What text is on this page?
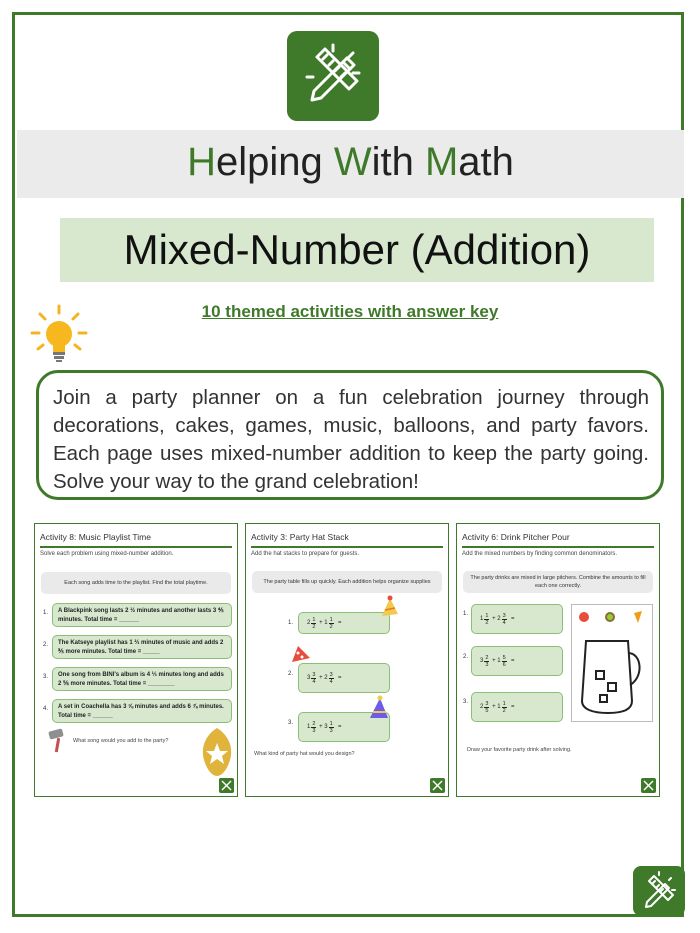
Helping With Math
Mixed-Number (Addition)
10 themed activities with answer key
Join a party planner on a fun celebration journey through decorations, cakes, games, music, balloons, and party favors. Each page uses mixed-number addition to keep the party going. Solve your way to the grand celebration!
Activity 8: Music Playlist Time
Solve each problem using mixed-number addition.
Each song adds time to the playlist. Find the total playtime.
1.	A Blackpink song lasts 2 ½ minutes and another lasts 3 ⅘ minutes. Total time = ______
2.	The Katseye playlist has 1 ⅔ minutes of music and adds 2 ⅗ more minutes. Total time = _____
3.	One song from BINI's album is 4 ⅓ minutes long and adds 2 ⅚ more minutes. Total time = ________
4.	A set in Coachella has 3 ⅝ minutes and adds 6 ⅞ minutes. Total time = ______
What song would you add to the party?
Activity 3: Party Hat Stack
Add the hat stacks to prepare for guests.
The party table fills up quickly. Each addition helps organize supplies
1. $2 \frac{1}{2}$
+
$1 \frac{1}{2}$
=
2.
$3 \frac{3}{4}$
+
$2 \frac{3}{4}$
=
3.
$1 \frac{2}{3}$
+
$3 \frac{1}{3}$
=
What kind of party hat would you design?
Activity 6: Drink Pitcher Pour
Add the mixed numbers by finding common denominators.
The party drinks are mixed in large pitchers. Combine the amounts to fill each one correctly.
1.
$1 \frac{1}{2}$
+
$2 \frac{3}{4}$
=
2.
$3 \frac{2}{3}$
+
$1 \frac{5}{6}$
=
3.
$2 \frac{3}{5}$
+
$1 \frac{1}{2}$
=
Draw your favorite party drink after solving.
